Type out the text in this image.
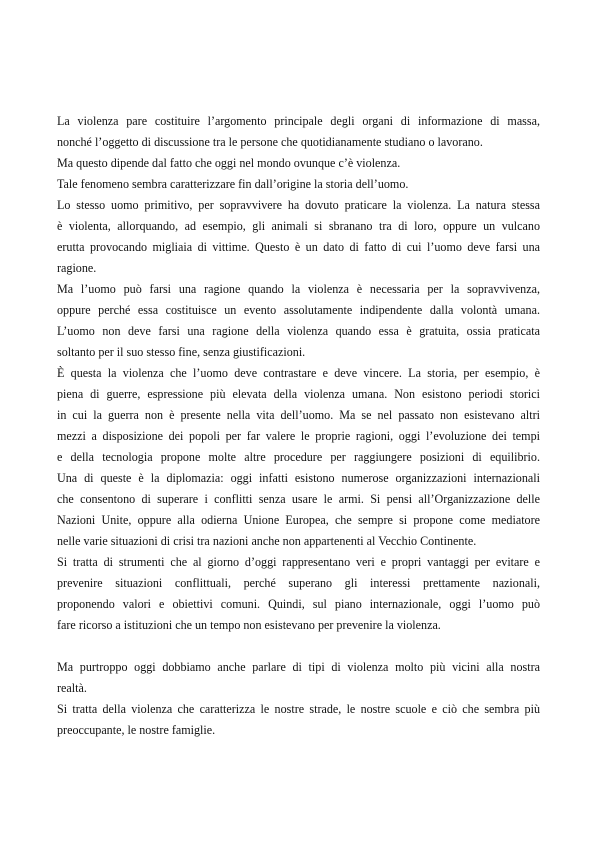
La violenza pare costituire l’argomento principale degli organi di informazione di massa,
nonché l’oggetto di discussione tra le persone che quotidianamente studiano o lavorano.
Ma questo dipende dal fatto che oggi nel mondo ovunque c’è violenza.
Tale fenomeno sembra caratterizzare fin dall’origine la storia dell’uomo.
Lo stesso uomo primitivo, per sopravvivere ha dovuto praticare la violenza. La natura stessa
è violenta, allorquando, ad esempio, gli animali si sbranano tra di loro, oppure un vulcano
erutta provocando migliaia di vittime. Questo è un dato di fatto di cui l’uomo deve farsi una
ragione.
Ma l’uomo può farsi una ragione quando la violenza è necessaria per la sopravvivenza,
oppure perché essa costituisce un evento assolutamente indipendente dalla volontà umana.
L’uomo non deve farsi una ragione della violenza quando essa è gratuita, ossia praticata
soltanto per il suo stesso fine, senza giustificazioni.
È questa la violenza che l’uomo deve contrastare e deve vincere. La storia, per esempio, è
piena di guerre, espressione più elevata della violenza umana. Non esistono periodi storici
in cui la guerra non è presente nella vita dell’uomo. Ma se nel passato non esistevano altri
mezzi a disposizione dei popoli per far valere le proprie ragioni, oggi l’evoluzione dei tempi
e della tecnologia propone molte altre procedure per raggiungere posizioni di equilibrio.
Una di queste è la diplomazia: oggi infatti esistono numerose organizzazioni internazionali
che consentono di superare i conflitti senza usare le armi. Si pensi all’Organizzazione delle
Nazioni Unite, oppure alla odierna Unione Europea, che sempre si propone come mediatore
nelle varie situazioni di crisi tra nazioni anche non appartenenti al Vecchio Continente.
Si tratta di strumenti che al giorno d’oggi rappresentano veri e propri vantaggi per evitare e
prevenire situazioni conflittuali, perché superano gli interessi prettamente nazionali,
proponendo valori e obiettivi comuni. Quindi, sul piano internazionale, oggi l’uomo può
fare ricorso a istituzioni che un tempo non esistevano per prevenire la violenza.
Ma purtroppo oggi dobbiamo anche parlare di tipi di violenza molto più vicini alla nostra
realtà.
Si tratta della violenza che caratterizza le nostre strade, le nostre scuole e ciò che sembra più
preoccupante, le nostre famiglie.
